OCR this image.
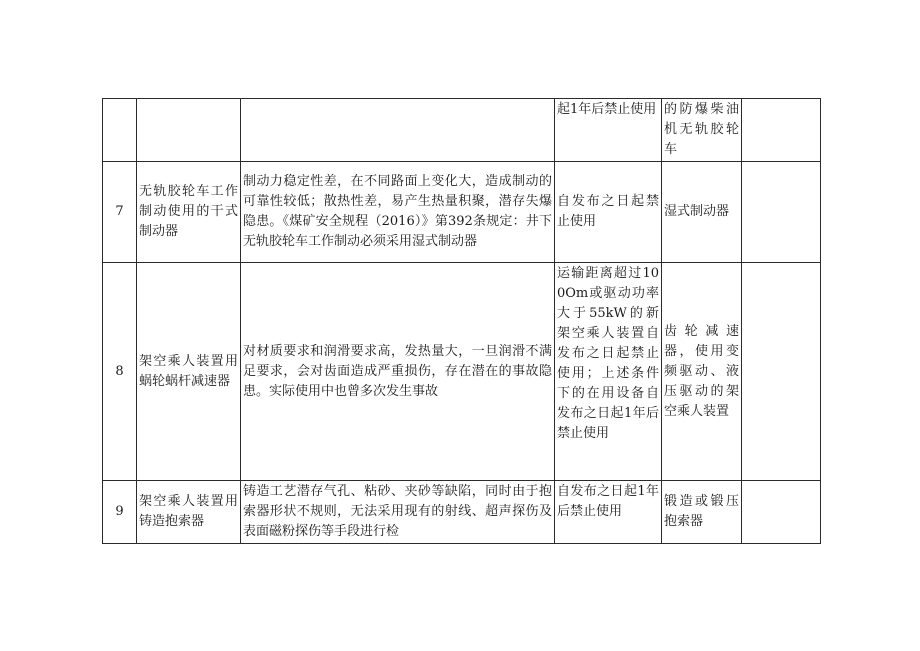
			起1年后禁止使用	的防爆柴油机无轨胶轮车	
7	无轨胶轮车工作制动使用的干式制动器	制动力稳定性差，在不同路面上变化大，造成制动的可靠性较低；散热性差，易产生热量积聚，潜存失爆隐患。《煤矿安全规程（2016）》第392条规定：井下无轨胶轮车工作制动必须采用湿式制动器	自发布之日起禁止使用	湿式制动器	
8	架空乘人装置用蜗轮蜗杆减速器	对材质要求和润滑要求高，发热量大，一旦润滑不满足要求，会对齿面造成严重损伤，存在潜在的事故隐患。实际使用中也曾多次发生事故	运输距离超过100Om或驱动功率大于55kW的新架空乘人装置自发布之日起禁止使用；上述条件下的在用设备自发布之日起1年后禁止使用	齿轮减速器，使用变频驱动、液压驱动的架空乘人装置	
9	架空乘人装置用铸造抱索器	铸造工艺潜存气孔、粘砂、夹砂等缺陷，同时由于抱索器形状不规则，无法采用现有的射线、超声探伤及表面磁粉探伤等手段进行检	自发布之日起1年后禁止使用	锻造或锻压抱索器	
